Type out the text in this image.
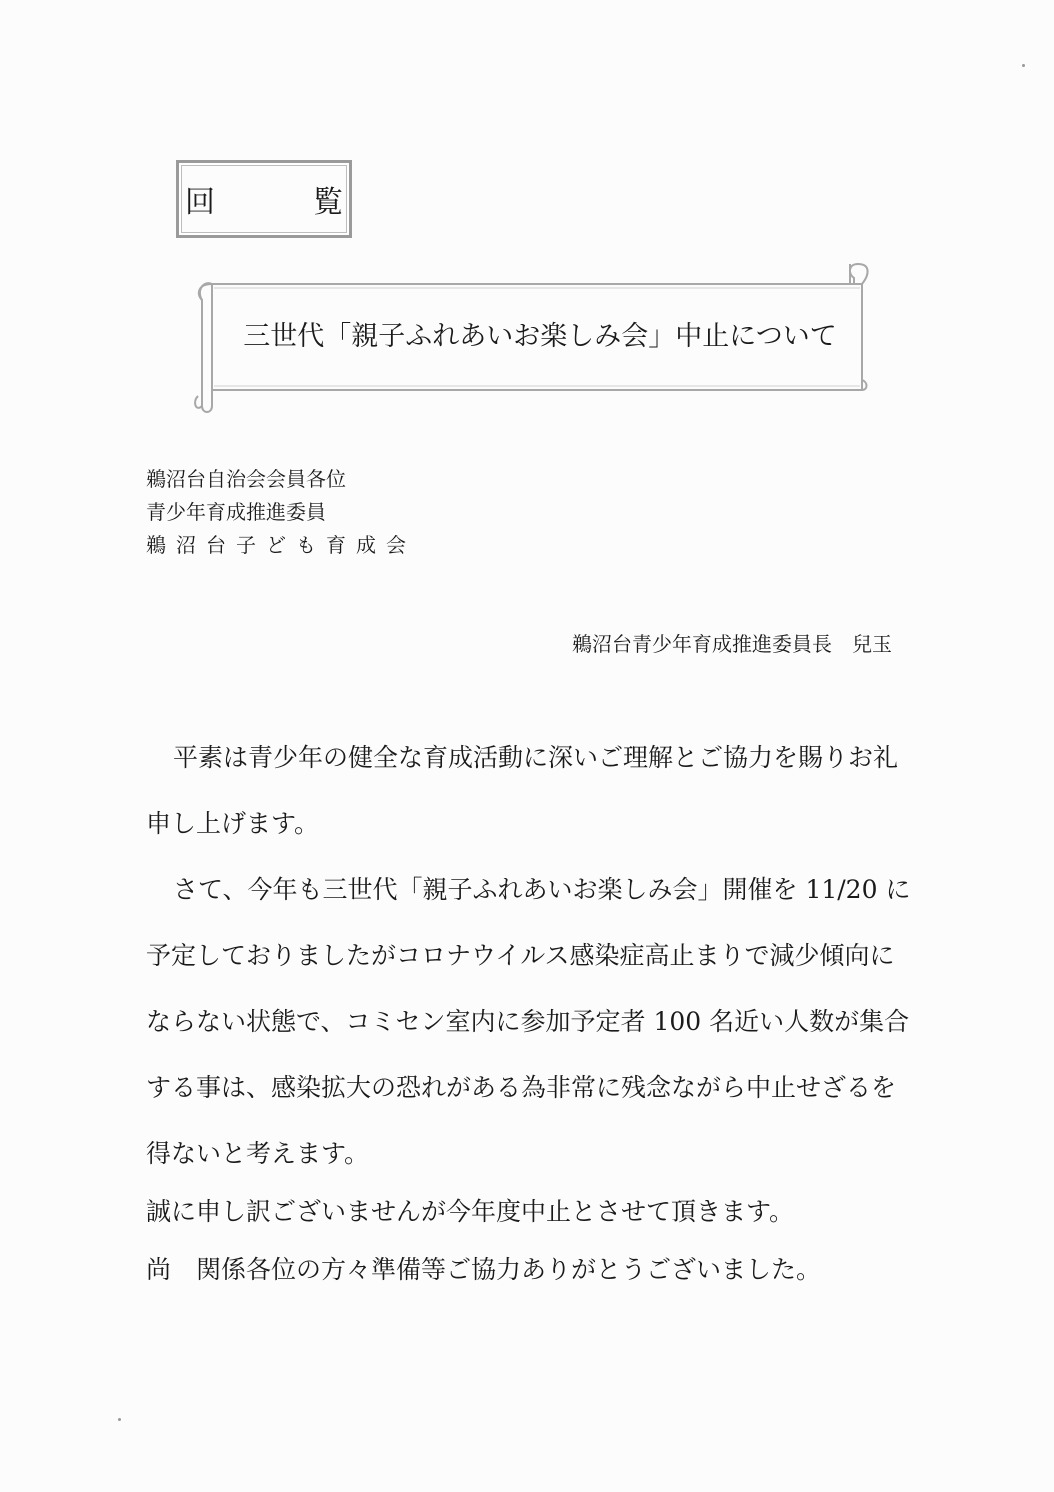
回　覧
三世代「親子ふれあいお楽しみ会」中止について
鵜沼台自治会会員各位
青少年育成推進委員
鵜沼台子ども育成会
鵜沼台青少年育成推進委員長　兒玉
平素は青少年の健全な育成活動に深いご理解とご協力を賜りお礼
申し上げます。
さて、今年も三世代「親子ふれあいお楽しみ会」開催を 11/20 に
予定しておりましたがコロナウイルス感染症高止まりで減少傾向に
ならない状態で、コミセン室内に参加予定者 100 名近い人数が集合
する事は、感染拡大の恐れがある為非常に残念ながら中止せざるを
得ないと考えます。
誠に申し訳ございませんが今年度中止とさせて頂きます。
尚　関係各位の方々準備等ご協力ありがとうございました。
